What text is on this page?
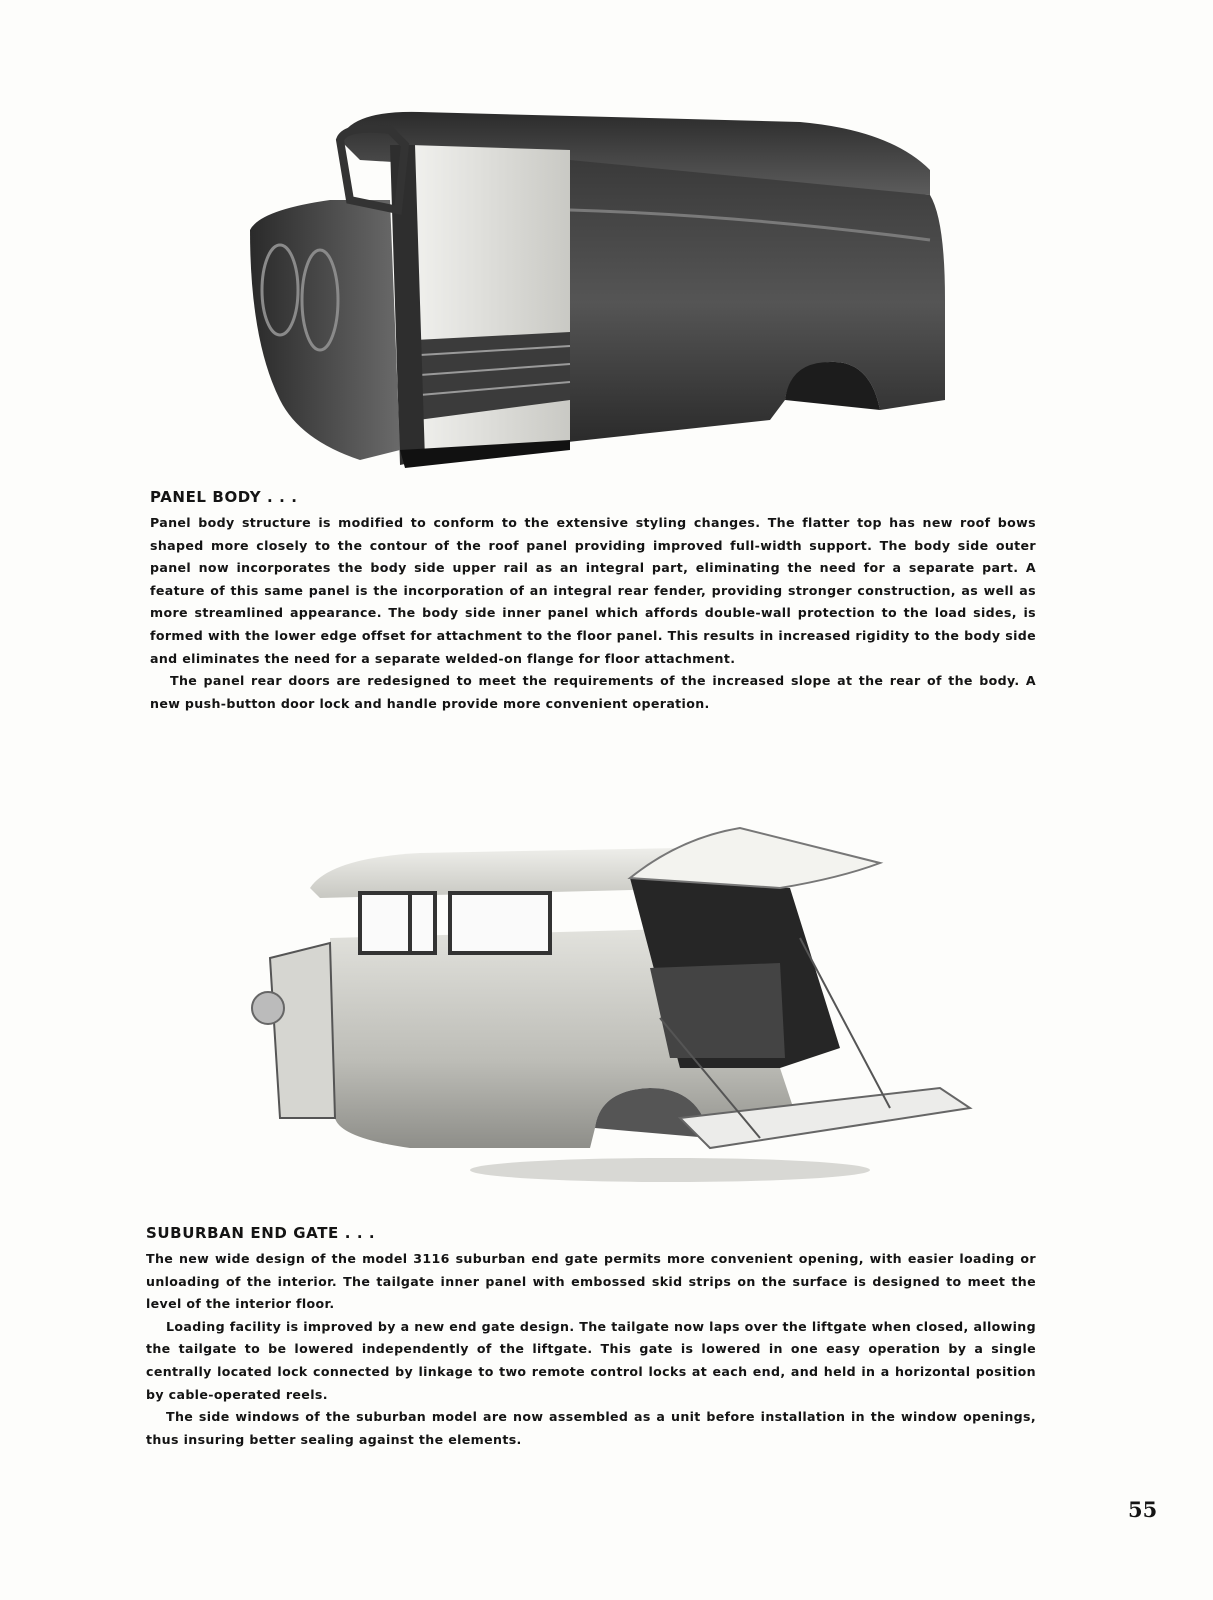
PANEL BODY . . .

Panel body structure is modified to conform to the extensive styling changes. The flatter top has new roof bows shaped more closely to the contour of the roof panel providing improved full-width support. The body side outer panel now incorporates the body side upper rail as an integral part, eliminating the need for a separate part. A feature of this same panel is the incorporation of an integral rear fender, providing stronger construction, as well as more streamlined appearance. The body side inner panel which affords double-wall protection to the load sides, is formed with the lower edge offset for attachment to the floor panel. This results in increased rigidity to the body side and eliminates the need for a separate welded-on flange for floor attachment.

The panel rear doors are redesigned to meet the requirements of the increased slope at the rear of the body. A new push-button door lock and handle provide more convenient operation.

SUBURBAN END GATE . . .

The new wide design of the model 3116 suburban end gate permits more convenient opening, with easier loading or unloading of the interior. The tailgate inner panel with embossed skid strips on the surface is designed to meet the level of the interior floor.

Loading facility is improved by a new end gate design. The tailgate now laps over the liftgate when closed, allowing the tailgate to be lowered independently of the liftgate. This gate is lowered in one easy operation by a single centrally located lock connected by linkage to two remote control locks at each end, and held in a horizontal position by cable-operated reels.

The side windows of the suburban model are now assembled as a unit before installation in the window openings, thus insuring better sealing against the elements.

55
